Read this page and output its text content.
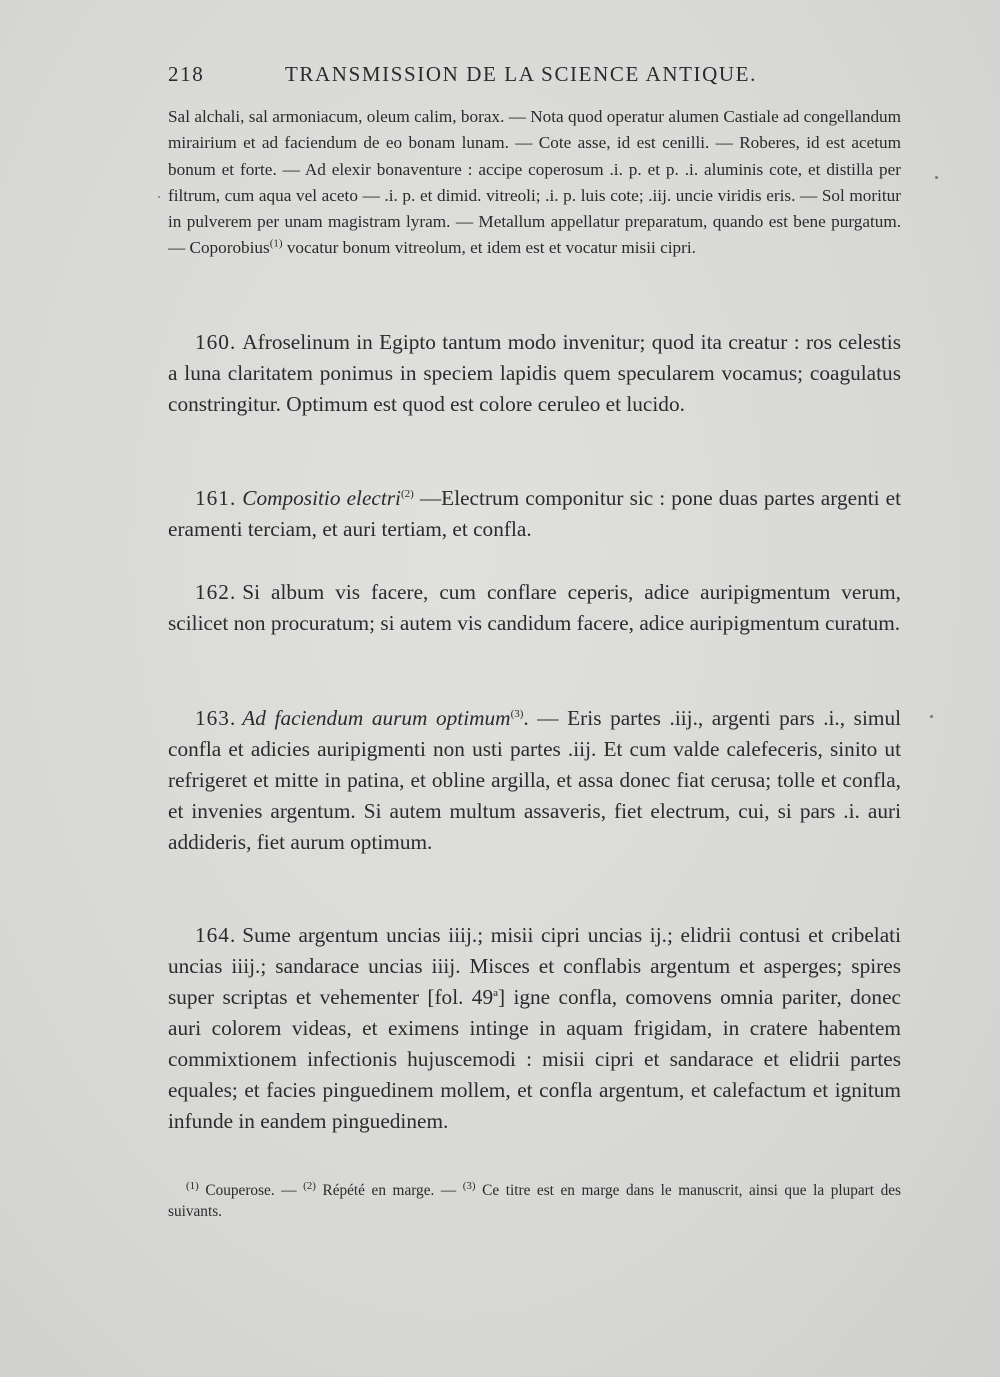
218	TRANSMISSION DE LA SCIENCE ANTIQUE.
Sal alchali, sal armoniacum, oleum calim, borax. — Nota quod operatur alumen Castiale ad congellandum mirairium et ad faciendum de eo bonam lunam. — Cote asse, id est cenilli. — Roberes, id est acetum bonum et forte. — Ad elexir bonaventure : accipe coperosum .i. p. et p. .i. aluminis cote, et distilla per filtrum, cum aqua vel aceto — .i. p. et dimid. vitreoli; .i. p. luis cote; .iij. uncie viridis eris. — Sol moritur in pulverem per unam magistram lyram. — Metallum appellatur preparatum, quando est bene purgatum. — Coporobius$^{(1)}$ vocatur bonum vitreolum, et idem est et vocatur misii cipri.
160. Afroselinum in Egipto tantum modo invenitur; quod ita creatur : ros celestis a luna claritatem ponimus in speciem lapidis quem specularem vocamus; coagulatus constringitur. Optimum est quod est colore ceruleo et lucido.
161. Compositio electri$^{(2)}$ —Electrum componitur sic : pone duas partes argenti et eramenti terciam, et auri tertiam, et confla.
162. Si album vis facere, cum conflare ceperis, adice auripigmentum verum, scilicet non procuratum; si autem vis candidum facere, adice auripigmentum curatum.
163. Ad faciendum aurum optimum$^{(3)}$. — Eris partes .iij., argenti pars .i., simul confla et adicies auripigmenti non usti partes .iij. Et cum valde calefeceris, sinito ut refrigeret et mitte in patina, et obline argilla, et assa donec fiat cerusa; tolle et confla, et invenies argentum. Si autem multum assaveris, fiet electrum, cui, si pars .i. auri addideris, fiet aurum optimum.
164. Sume argentum uncias iiij.; misii cipri uncias ij.; elidrii contusi et cribelati uncias iiij.; sandarace uncias iiij. Misces et conflabis argentum et asperges; spires super scriptas et vehementer [fol. 49$^a$] igne confla, comovens omnia pariter, donec auri colorem videas, et eximens intinge in aquam frigidam, in cratere habentem commixtionem infectionis hujuscemodi : misii cipri et sandarace et elidrii partes equales; et facies pinguedinem mollem, et confla argentum, et calefactum et ignitum infunde in eandem pinguedinem.
$^{(1)}$ Couperose. — $^{(2)}$ Répété en marge. — $^{(3)}$ Ce titre est en marge dans le manuscrit, ainsi que la plupart des suivants.
